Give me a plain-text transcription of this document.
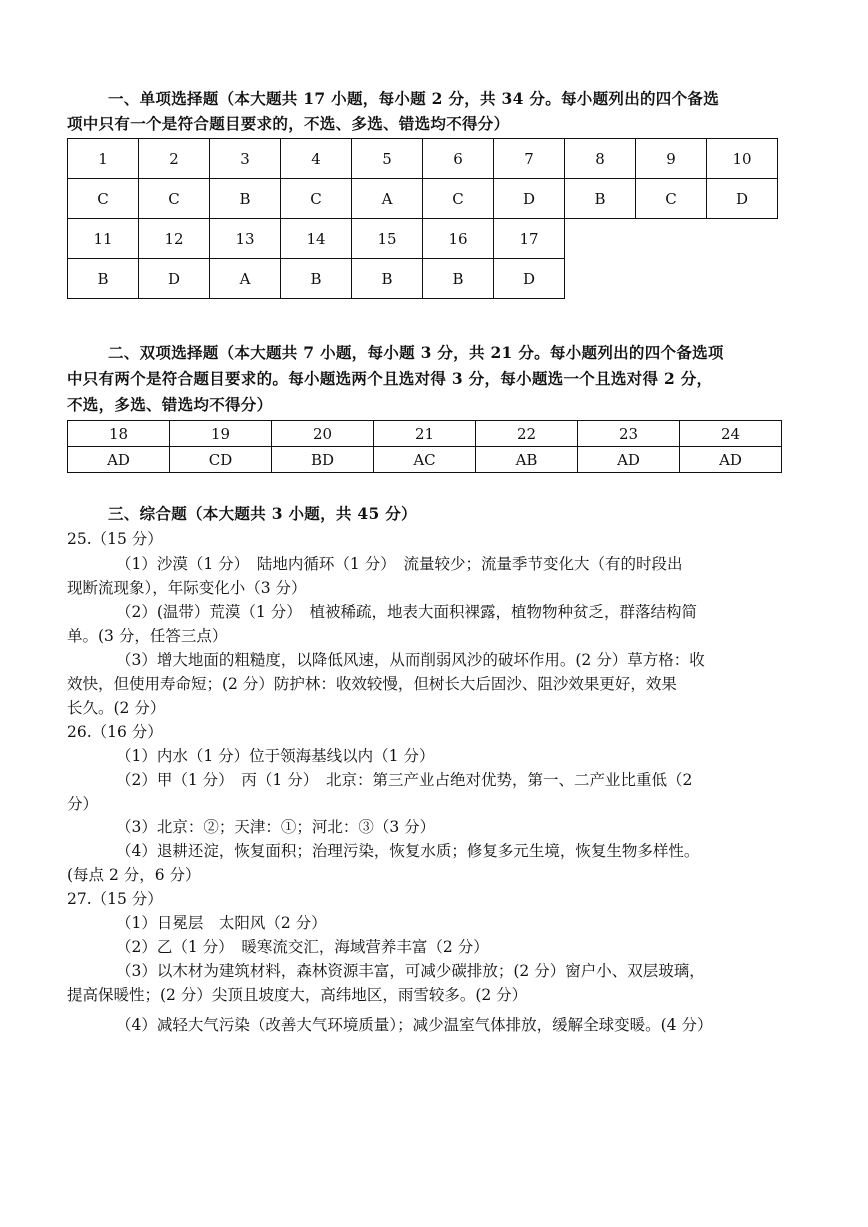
一、单项选择题（本大题共 17 小题，每小题 2 分，共 34 分。每小题列出的四个备选
项中只有一个是符合题目要求的，不选、多选、错选均不得分）
1	2	3	4	5	6	7	8	9	10
C	C	B	C	A	C	D	B	C	D
11	12	13	14	15	16	17			
B	D	A	B	B	B	D			
二、双项选择题（本大题共 7 小题，每小题 3 分，共 21 分。每小题列出的四个备选项
中只有两个是符合题目要求的。每小题选两个且选对得 3 分，每小题选一个且选对得 2 分，
不选，多选、错选均不得分）
18	19	20	21	22	23	24
AD	CD	BD	AC	AB	AD	AD
三、综合题（本大题共 3 小题，共 45 分）
25.（15 分）
（1）沙漠（1 分）　陆地内循环（1 分）　流量较少；流量季节变化大（有的时段出
现断流现象），年际变化小（3 分）
（2）(温带）荒漠（1 分）　植被稀疏，地表大面积裸露，植物物种贫乏，群落结构简
单。(3 分，任答三点）
（3）增大地面的粗糙度，以降低风速，从而削弱风沙的破坏作用。(2 分）草方格：收
效快，但使用寿命短；(2 分）防护林：收效较慢，但树长大后固沙、阻沙效果更好，效果
长久。(2 分）
26.（16 分）
（1）内水（1 分）位于领海基线以内（1 分）
（2）甲（1 分）　丙（1 分）　北京：第三产业占绝对优势，第一、二产业比重低（2
分）
（3）北京：②；天津：①；河北：③（3 分）
（4）退耕还淀，恢复面积；治理污染，恢复水质；修复多元生境，恢复生物多样性。
(每点 2 分，6 分）
27.（15 分）
（1）日冕层　太阳风（2 分）
（2）乙（1 分）　暖寒流交汇，海域营养丰富（2 分）
（3）以木材为建筑材料，森林资源丰富，可减少碳排放；(2 分）窗户小、双层玻璃，
提高保暖性；(2 分）尖顶且坡度大，高纬地区，雨雪较多。(2 分）
（4）减轻大气污染（改善大气环境质量）；减少温室气体排放，缓解全球变暖。(4 分）
